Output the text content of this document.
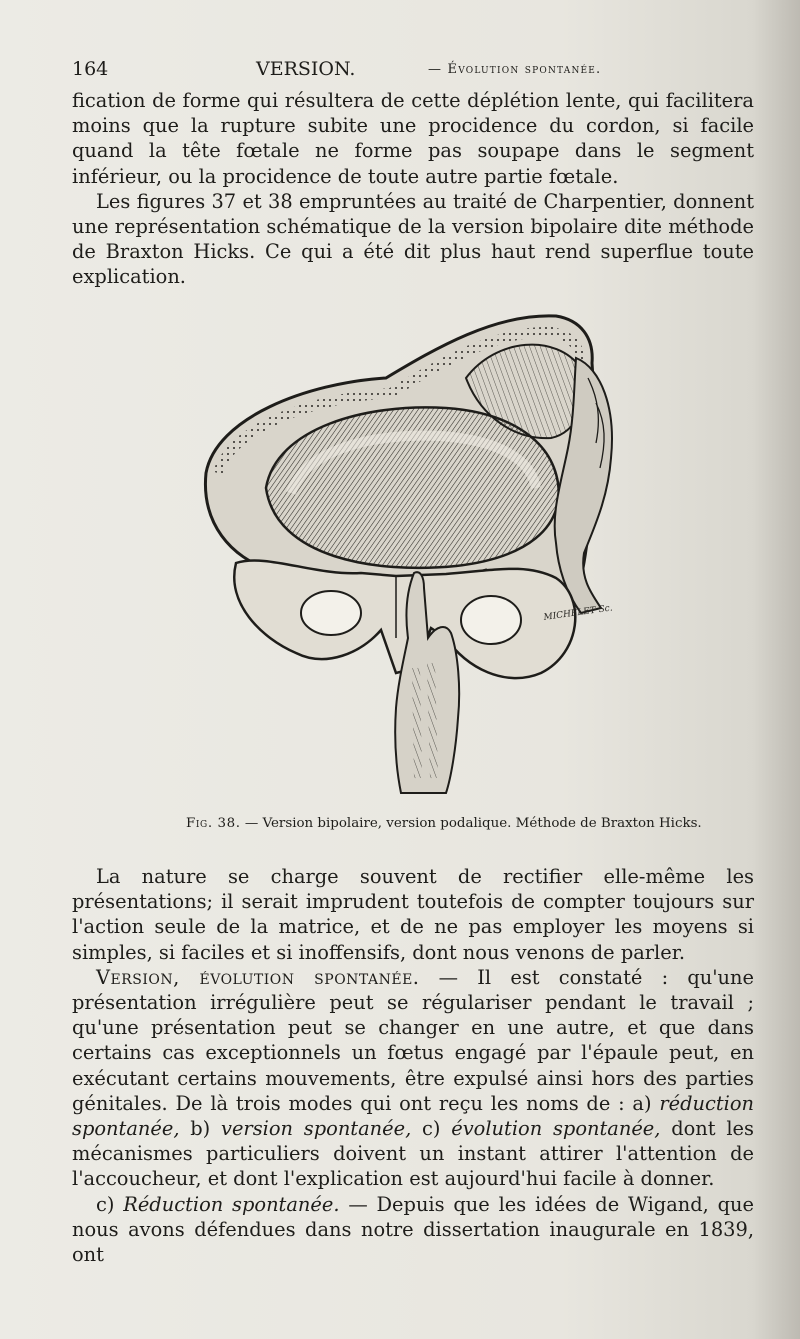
164	VERSION.	— Évolution spontanée.

fication de forme qui résultera de cette déplétion lente, qui facilitera moins que la rupture subite une procidence du cordon, si facile quand la tête fœtale ne forme pas soupape dans le segment inférieur, ou la procidence de toute autre partie fœtale.

Les figures 37 et 38 empruntées au traité de Charpentier, donnent une représentation schématique de la version bipolaire dite méthode de Braxton Hicks. Ce qui a été dit plus haut rend superflue toute explication.

MICHELET Sc.
Fig. 38. — Version bipolaire, version podalique. Méthode de Braxton Hicks.

La nature se charge souvent de rectifier elle-même les présentations; il serait imprudent toutefois de compter toujours sur l'action seule de la matrice, et de ne pas employer les moyens si simples, si faciles et si inoffensifs, dont nous venons de parler.

Version, évolution spontanée. — Il est constaté : qu'une présentation irrégulière peut se régulariser pendant le travail ; qu'une présentation peut se changer en une autre, et que dans certains cas exceptionnels un fœtus engagé par l'épaule peut, en exécutant certains mouvements, être expulsé ainsi hors des parties génitales. De là trois modes qui ont reçu les noms de : a) réduction spontanée, b) version spontanée, c) évolution spontanée, dont les mécanismes particuliers doivent un instant attirer l'attention de l'accoucheur, et dont l'explication est aujourd'hui facile à donner.

c) Réduction spontanée. — Depuis que les idées de Wigand, que nous avons défendues dans notre dissertation inaugurale en 1839, ont
